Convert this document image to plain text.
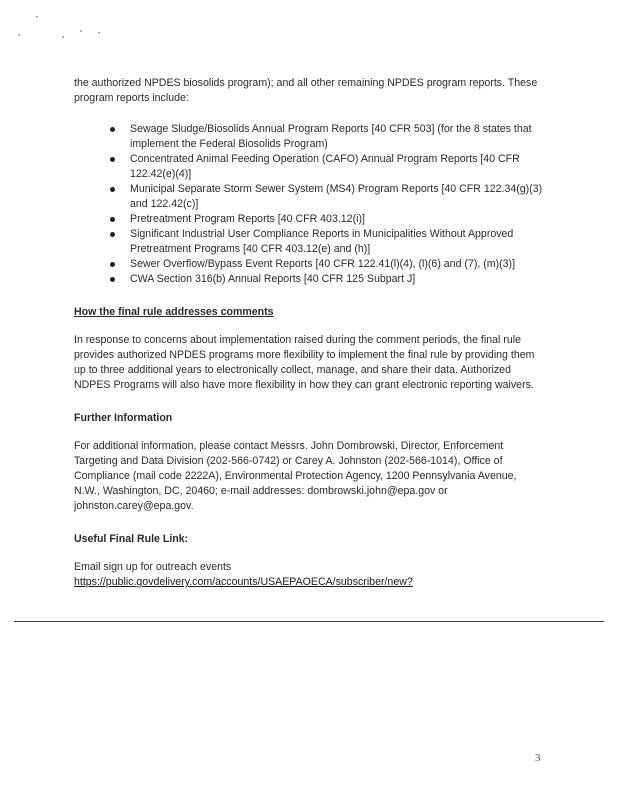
the authorized NPDES biosolids program); and all other remaining NPDES program reports. These program reports include:

Sewage Sludge/Biosolids Annual Program Reports [40 CFR 503] (for the 8 states that implement the Federal Biosolids Program)
Concentrated Animal Feeding Operation (CAFO) Annual Program Reports [40 CFR 122.42(e)(4)]
Municipal Separate Storm Sewer System (MS4) Program Reports [40 CFR 122.34(g)(3) and 122.42(c)]
Pretreatment Program Reports [40 CFR 403.12(i)]
Significant Industrial User Compliance Reports in Municipalities Without Approved Pretreatment Programs [40 CFR 403.12(e) and (h)]
Sewer Overflow/Bypass Event Reports [40 CFR 122.41(l)(4), (l)(6) and (7), (m)(3)]
CWA Section 316(b) Annual Reports [40 CFR 125 Subpart J]
How the final rule addresses comments

In response to concerns about implementation raised during the comment periods, the final rule provides authorized NPDES programs more flexibility to implement the final rule by providing them up to three additional years to electronically collect, manage, and share their data. Authorized NDPES Programs will also have more flexibility in how they can grant electronic reporting waivers.

Further Information

For additional information, please contact Messrs. John Dombrowski, Director, Enforcement Targeting and Data Division (202-566-0742) or Carey A. Johnston (202-566-1014), Office of Compliance (mail code 2222A), Environmental Protection Agency, 1200 Pennsylvania Avenue, N.W., Washington, DC, 20460; e-mail addresses: dombrowski.john@epa.gov or johnston.carey@epa.gov.

Useful Final Rule Link:

Email sign up for outreach events

https://public.govdelivery.com/accounts/USAEPAOECA/subscriber/new?

3
